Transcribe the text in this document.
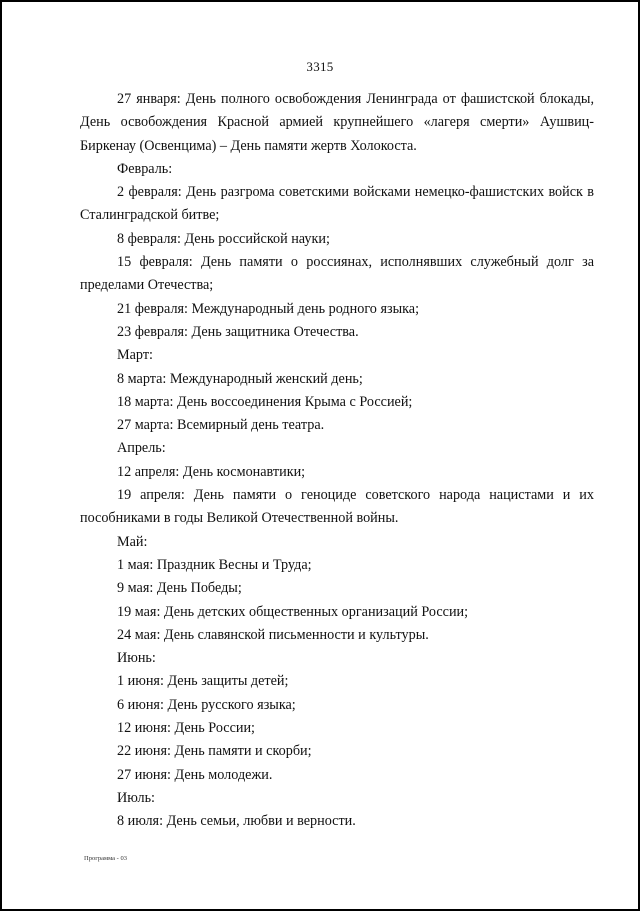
3315

27 января: День полного освобождения Ленинграда от фашистской блокады, День освобождения Красной армией крупнейшего «лагеря смерти» Аушвиц-Биркенау (Освенцима) – День памяти жертв Холокоста.

Февраль:

2 февраля: День разгрома советскими войсками немецко-фашистских войск в Сталинградской битве;

8 февраля: День российской науки;

15 февраля: День памяти о россиянах, исполнявших служебный долг за пределами Отечества;

21 февраля: Международный день родного языка;

23 февраля: День защитника Отечества.

Март:

8 марта: Международный женский день;

18 марта: День воссоединения Крыма с Россией;

27 марта: Всемирный день театра.

Апрель:

12 апреля: День космонавтики;

19 апреля: День памяти о геноциде советского народа нацистами и их пособниками в годы Великой Отечественной войны.

Май:

1 мая: Праздник Весны и Труда;

9 мая: День Победы;

19 мая: День детских общественных организаций России;

24 мая: День славянской письменности и культуры.

Июнь:

1 июня: День защиты детей;

6 июня: День русского языка;

12 июня: День России;

22 июня: День памяти и скорби;

27 июня: День молодежи.

Июль:

8 июля: День семьи, любви и верности.

Программа - 03
